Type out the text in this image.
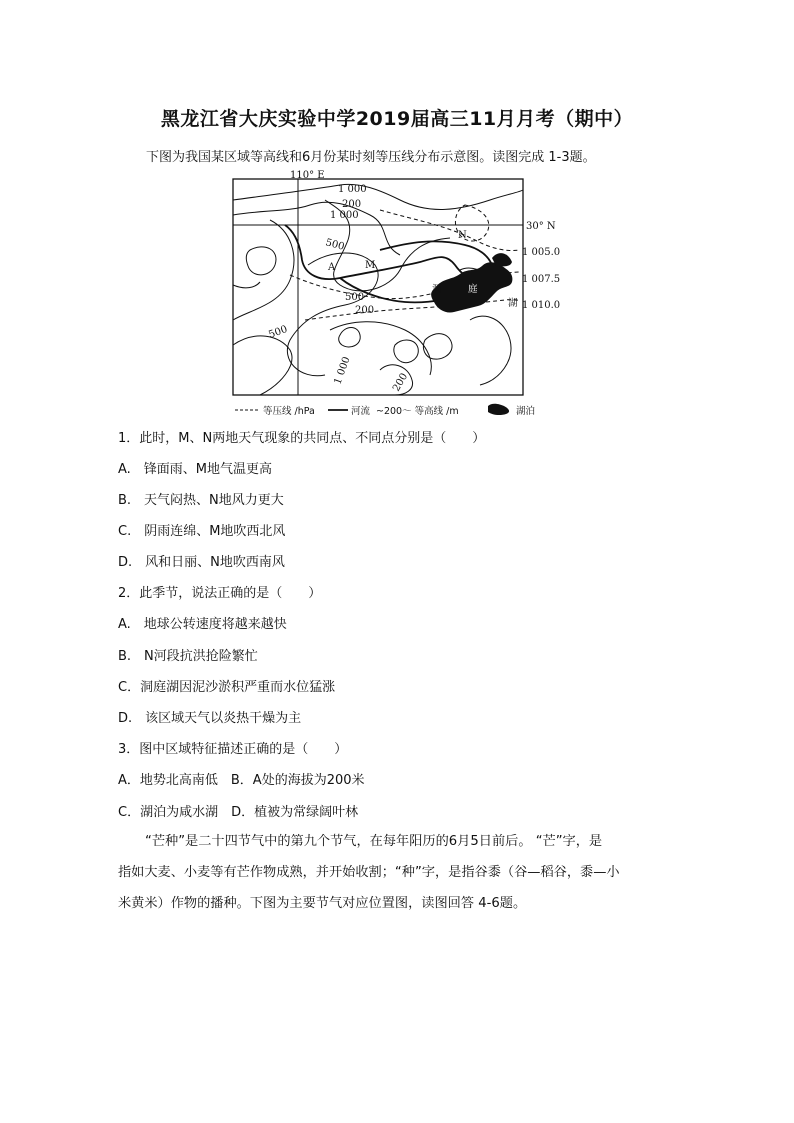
黑龙江省大庆实验中学2019届高三11月月考（期中）
下图为我国某区域等高线和6月份某时刻等压线分布示意图。读图完成 1-3题。
110° E
30° N
1 000
200
1 000
500
500
200
500
1 000	200
1 005.0
1 007.5
1 010.0
A	M
N
洞	庭
湖
等压线 /hPa	河流 ~200～ 等高线 /m	湖泊
1．此时，M、N两地天气现象的共同点、不同点分别是（　　）
A.　锋面雨、M地气温更高
B.　天气闷热、N地风力更大
C.　阴雨连绵、M地吹西北风
D.　风和日丽、N地吹西南风
2．此季节，说法正确的是（　　）
A.　地球公转速度将越来越快
B.　N河段抗洪抢险繁忙
C．洞庭湖因泥沙淤积严重而水位猛涨
D.　该区域天气以炎热干燥为主
3．图中区域特征描述正确的是（　　）
A．地势北高南低　B．A处的海拔为200米
C．湖泊为咸水湖　D．植被为常绿阔叶林

“芒种”是二十四节气中的第九个节气，在每年阳历的6月5日前后。 “芒”字，是

指如大麦、小麦等有芒作物成熟，并开始收割；“种”字，是指谷黍（谷—稻谷，黍—小

米黄米）作物的播种。下图为主要节气对应位置图，读图回答 4-6题。
